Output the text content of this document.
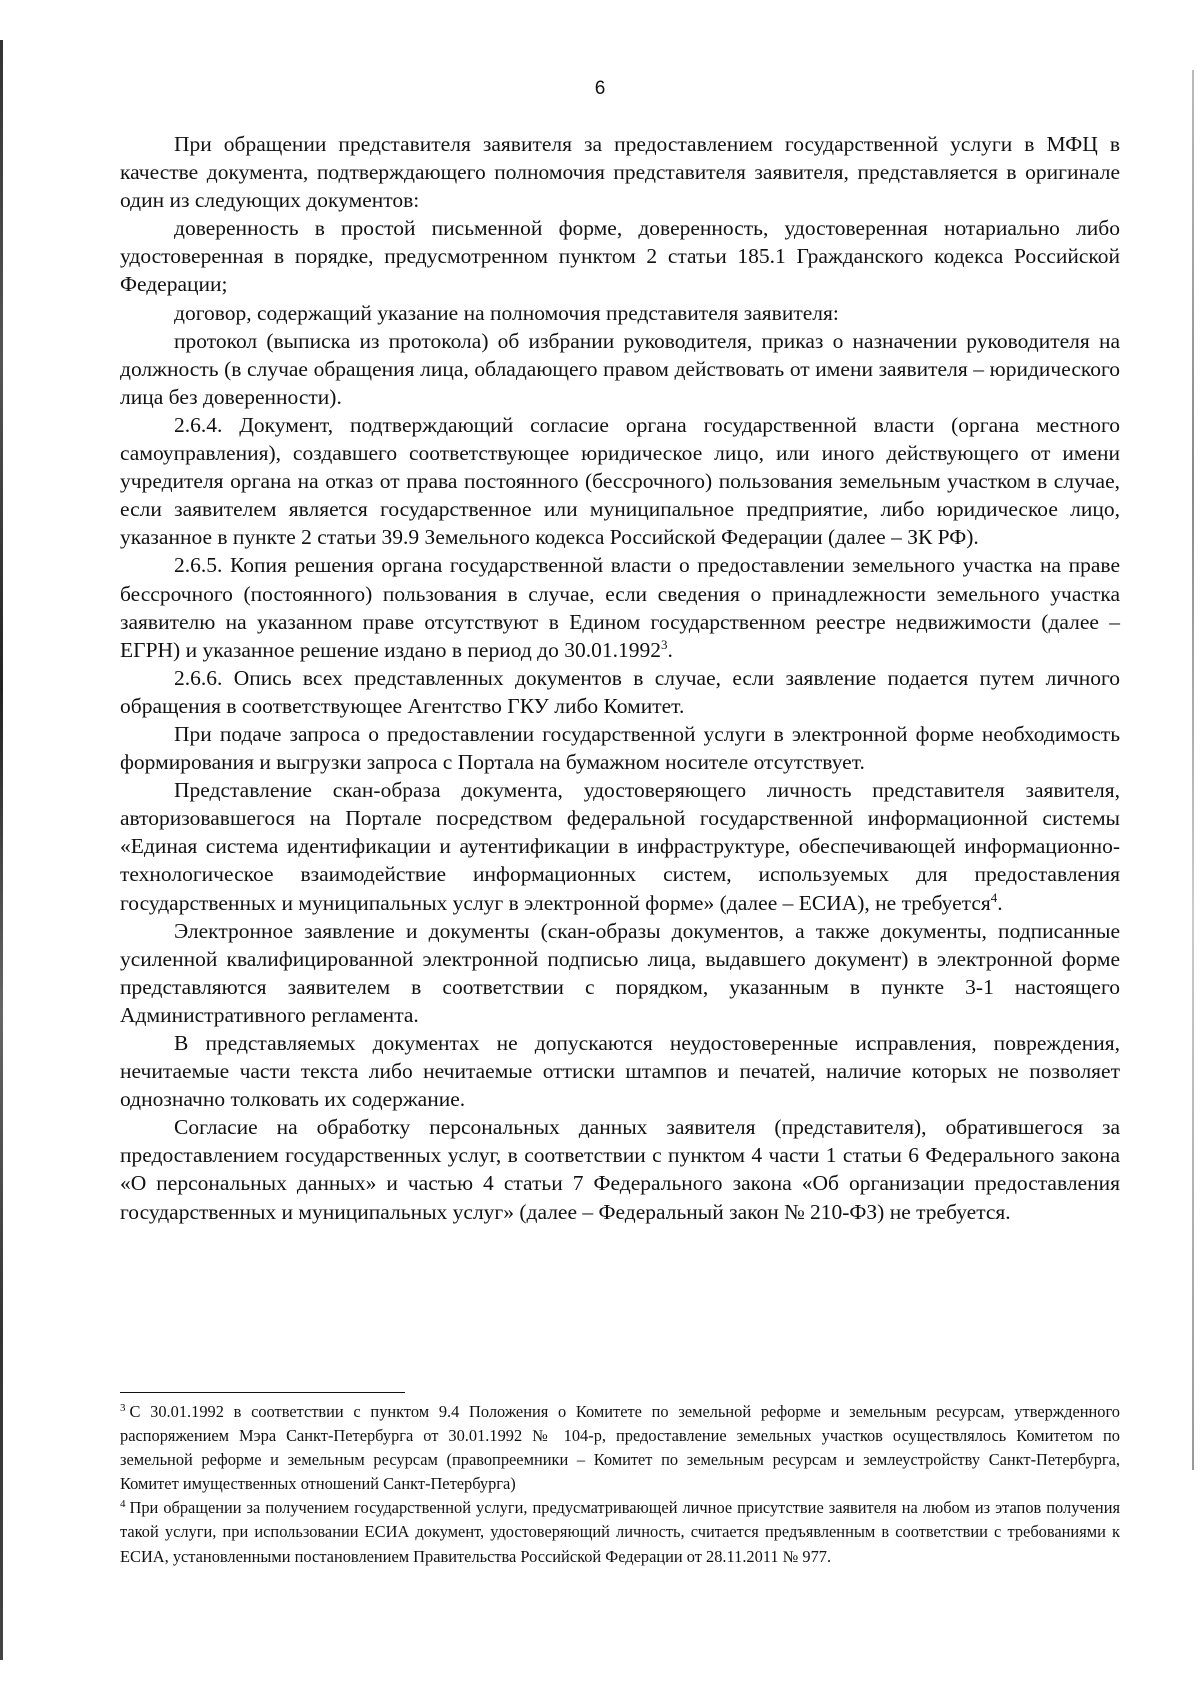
6

При обращении представителя заявителя за предоставлением государственной услуги в МФЦ в качестве документа, подтверждающего полномочия представителя заявителя, представляется в оригинале один из следующих документов:

доверенность в простой письменной форме, доверенность, удостоверенная нотариально либо удостоверенная в порядке, предусмотренном пунктом 2 статьи 185.1 Гражданского кодекса Российской Федерации;

договор, содержащий указание на полномочия представителя заявителя:

протокол (выписка из протокола) об избрании руководителя, приказ о назначении руководителя на должность (в случае обращения лица, обладающего правом действовать от имени заявителя – юридического лица без доверенности).

2.6.4. Документ, подтверждающий согласие органа государственной власти (органа местного самоуправления), создавшего соответствующее юридическое лицо, или иного действующего от имени учредителя органа на отказ от права постоянного (бессрочного) пользования земельным участком в случае, если заявителем является государственное или муниципальное предприятие, либо юридическое лицо, указанное в пункте 2 статьи 39.9 Земельного кодекса Российской Федерации (далее – ЗК РФ).

2.6.5. Копия решения органа государственной власти о предоставлении земельного участка на праве бессрочного (постоянного) пользования в случае, если сведения о принадлежности земельного участка заявителю на указанном праве отсутствуют в Едином государственном реестре недвижимости (далее – ЕГРН) и указанное решение издано в период до 30.01.1992$^3$.

2.6.6. Опись всех представленных документов в случае, если заявление подается путем личного обращения в соответствующее Агентство ГКУ либо Комитет.

При подаче запроса о предоставлении государственной услуги в электронной форме необходимость формирования и выгрузки запроса с Портала на бумажном носителе отсутствует.

Представление скан-образа документа, удостоверяющего личность представителя заявителя, авторизовавшегося на Портале посредством федеральной государственной информационной системы «Единая система идентификации и аутентификации в инфраструктуре, обеспечивающей информационно-технологическое взаимодействие информационных систем, используемых для предоставления государственных и муниципальных услуг в электронной форме» (далее – ЕСИА), не требуется$^4$.

Электронное заявление и документы (скан-образы документов, а также документы, подписанные усиленной квалифицированной электронной подписью лица, выдавшего документ) в электронной форме представляются заявителем в соответствии с порядком, указанным в пункте 3-1 настоящего Административного регламента.

В представляемых документах не допускаются неудостоверенные исправления, повреждения, нечитаемые части текста либо нечитаемые оттиски штампов и печатей, наличие которых не позволяет однозначно толковать их содержание.

Согласие на обработку персональных данных заявителя (представителя), обратившегося за предоставлением государственных услуг, в соответствии с пунктом 4 части 1 статьи 6 Федерального закона «О персональных данных» и частью 4 статьи 7 Федерального закона «Об организации предоставления государственных и муниципальных услуг» (далее – Федеральный закон № 210-ФЗ) не требуется.

$^3$ С 30.01.1992 в соответствии с пунктом 9.4 Положения о Комитете по земельной реформе и земельным ресурсам, утвержденного распоряжением Мэра Санкт-Петербурга от 30.01.1992 № 104-р, предоставление земельных участков осуществлялось Комитетом по земельной реформе и земельным ресурсам (правопреемники – Комитет по земельным ресурсам и землеустройству Санкт-Петербурга, Комитет имущественных отношений Санкт-Петербурга)

$^4$ При обращении за получением государственной услуги, предусматривающей личное присутствие заявителя на любом из этапов получения такой услуги, при использовании ЕСИА документ, удостоверяющий личность, считается предъявленным в соответствии с требованиями к ЕСИА, установленными постановлением Правительства Российской Федерации от 28.11.2011 № 977.
